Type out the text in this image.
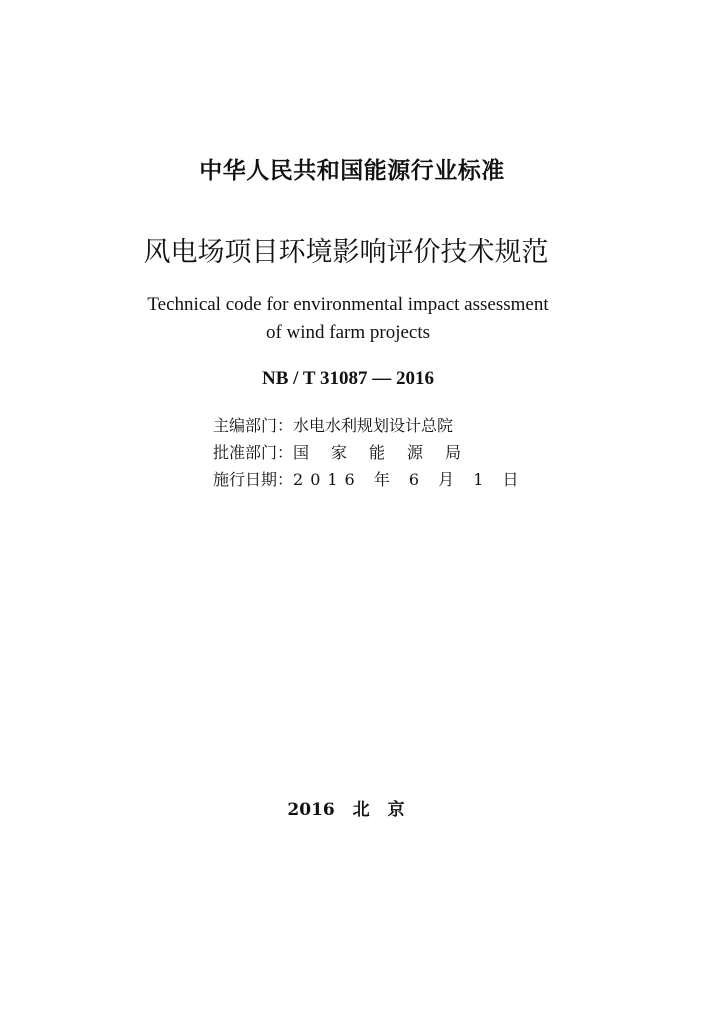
中华人民共和国能源行业标准
风电场项目环境影响评价技术规范
Technical code for environmental impact assessment
of wind farm projects
NB / T 31087 — 2016
主编部门：水电水利规划设计总院
批准部门：国家能源局
施行日期：2016 年 6 月 1 日
2016 北 京
